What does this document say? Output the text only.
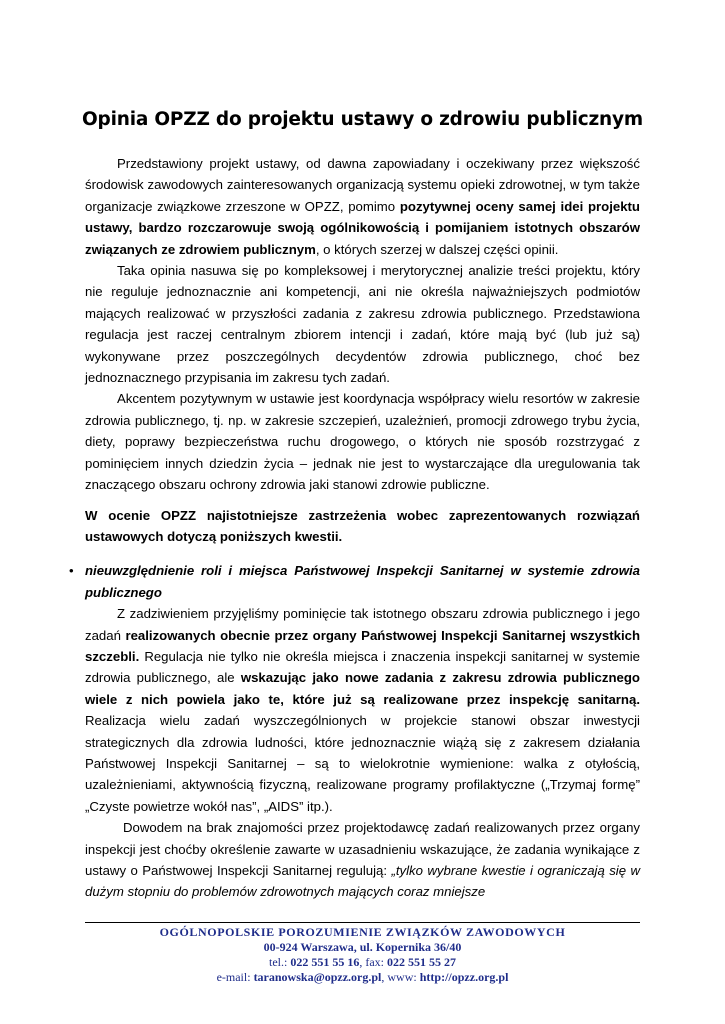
Opinia OPZZ do projektu ustawy o zdrowiu publicznym

Przedstawiony projekt ustawy, od dawna zapowiadany i oczekiwany przez większość środowisk zawodowych zainteresowanych organizacją systemu opieki zdrowotnej, w tym także organizacje związkowe zrzeszone w OPZZ, pomimo pozytywnej oceny samej idei projektu ustawy, bardzo rozczarowuje swoją ogólnikowością i pomijaniem istotnych obszarów związanych ze zdrowiem publicznym, o których szerzej w dalszej części opinii.

Taka opinia nasuwa się po kompleksowej i merytorycznej analizie treści projektu, który nie reguluje jednoznacznie ani kompetencji, ani nie określa najważniejszych podmiotów mających realizować w przyszłości zadania z zakresu zdrowia publicznego. Przedstawiona regulacja jest raczej centralnym zbiorem intencji i zadań, które mają być (lub już są) wykonywane przez poszczególnych decydentów zdrowia publicznego, choć bez jednoznacznego przypisania im zakresu tych zadań.

Akcentem pozytywnym w ustawie jest koordynacja współpracy wielu resortów w zakresie zdrowia publicznego, tj. np. w zakresie szczepień, uzależnień, promocji zdrowego trybu życia, diety, poprawy bezpieczeństwa ruchu drogowego, o których nie sposób rozstrzygać z pominięciem innych dziedzin życia – jednak nie jest to wystarczające dla uregulowania tak znaczącego obszaru ochrony zdrowia jaki stanowi zdrowie publiczne.

W ocenie OPZZ najistotniejsze zastrzeżenia wobec zaprezentowanych rozwiązań ustawowych dotyczą poniższych kwestii.

• nieuwzględnienie roli i miejsca Państwowej Inspekcji Sanitarnej w systemie zdrowia publicznego

Z zadziwieniem przyjęliśmy pominięcie tak istotnego obszaru zdrowia publicznego i jego zadań realizowanych obecnie przez organy Państwowej Inspekcji Sanitarnej wszystkich szczebli. Regulacja nie tylko nie określa miejsca i znaczenia inspekcji sanitarnej w systemie zdrowia publicznego, ale wskazując jako nowe zadania z zakresu zdrowia publicznego wiele z nich powiela jako te, które już są realizowane przez inspekcję sanitarną. Realizacja wielu zadań wyszczególnionych w projekcie stanowi obszar inwestycji strategicznych dla zdrowia ludności, które jednoznacznie wiążą się z zakresem działania Państwowej Inspekcji Sanitarnej – są to wielokrotnie wymienione: walka z otyłością, uzależnieniami, aktywnością fizyczną, realizowane programy profilaktyczne („Trzymaj formę” „Czyste powietrze wokół nas”, „AIDS” itp.).

Dowodem na brak znajomości przez projektodawcę zadań realizowanych przez organy inspekcji jest choćby określenie zawarte w uzasadnieniu wskazujące, że zadania wynikające z ustawy o Państwowej Inspekcji Sanitarnej regulują: „tylko wybrane kwestie i ograniczają się w dużym stopniu do problemów zdrowotnych mających coraz mniejsze

OGÓLNOPOLSKIE POROZUMIENIE ZWIĄZKÓW ZAWODOWYCH
00-924 Warszawa, ul. Kopernika 36/40
tel.: 022 551 55 16, fax: 022 551 55 27
e-mail: taranowska@opzz.org.pl, www: http://opzz.org.pl
